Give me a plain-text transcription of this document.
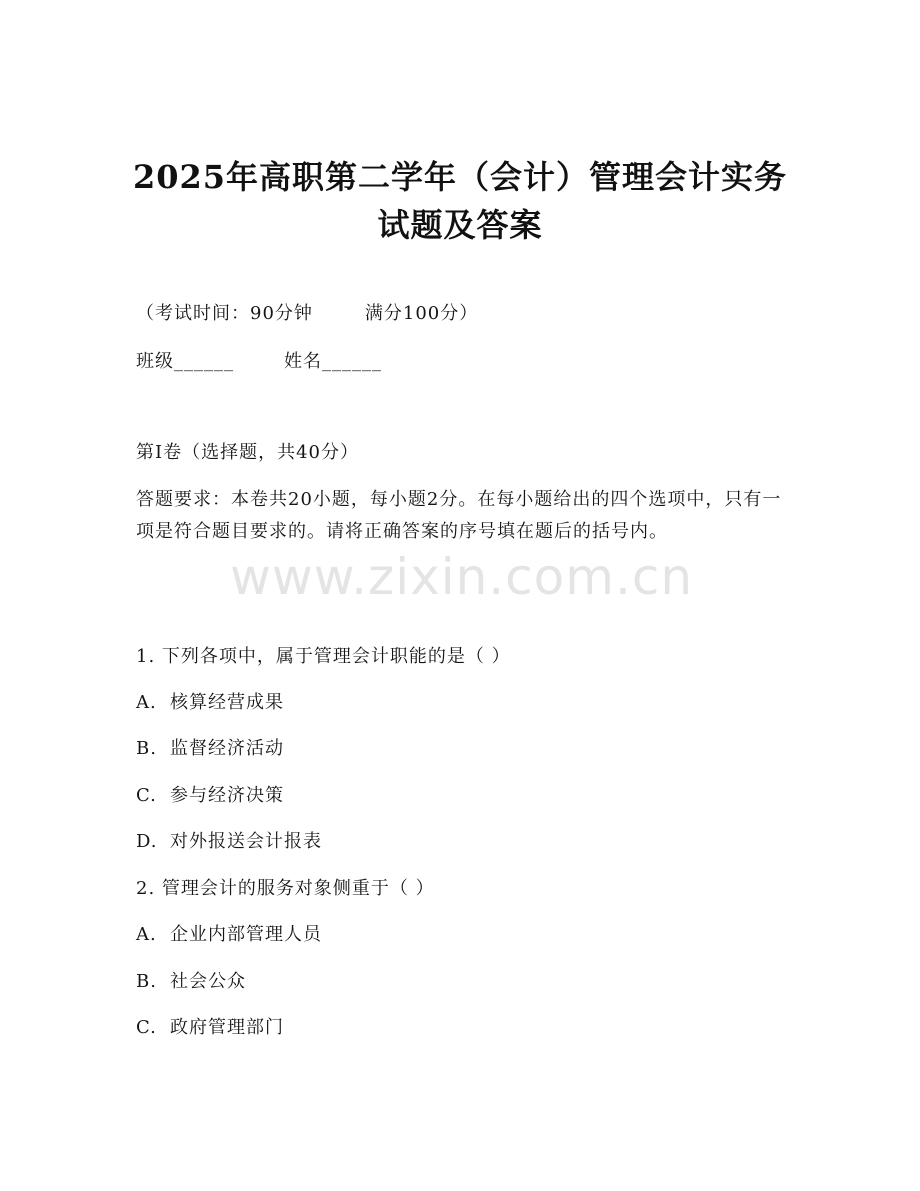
2025年高职第二学年（会计）管理会计实务
试题及答案
（考试时间：90分钟	满分100分）
班级______	姓名______
第I卷（选择题，共40分）

答题要求：本卷共20小题，每小题2分。在每小题给出的四个选项中，只有一项是符合题目要求的。请将正确答案的序号填在题后的括号内。

www.zixin.com.cn
1. 下列各项中，属于管理会计职能的是（ ）
A. 核算经营成果
B. 监督经济活动
C. 参与经济决策
D. 对外报送会计报表
2. 管理会计的服务对象侧重于（ ）
A. 企业内部管理人员
B. 社会公众
C. 政府管理部门
